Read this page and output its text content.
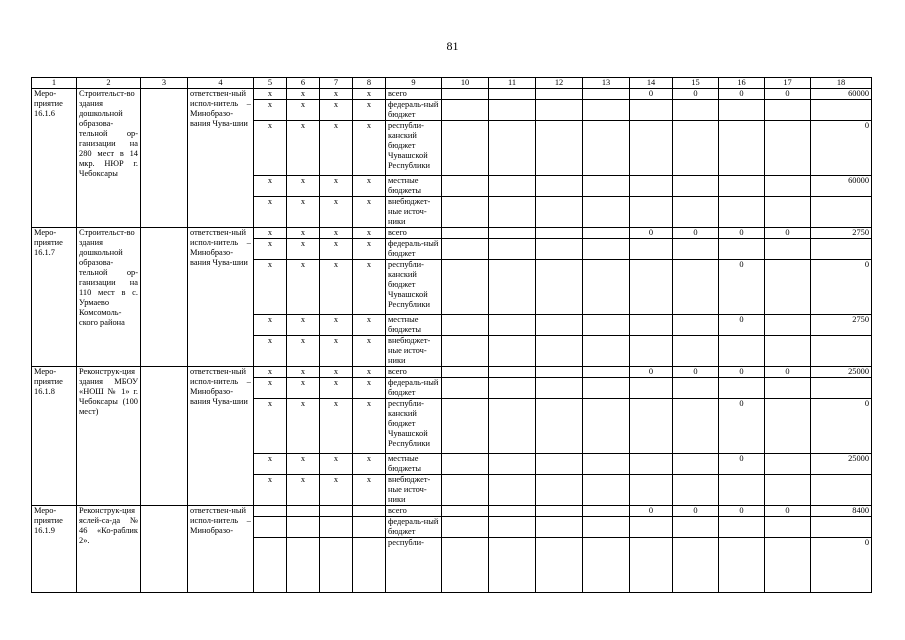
81
1	2	3	4	5	6	7	8	9	10	11	12	13	14	15	16	17	18
Меро-приятие 16.1.6	Строительст-во здания дошкольной образова-тельной ор-ганизации на 280 мест в 14 мкр. НЮР г. Чебоксары		ответствен-ный испол-нитель – Минобразо-вания Чува-шии	x	x	x	x	всего					0	0	0	0	60000
				x	x	x	x	федераль-ный бюджет									
				x	x	x	x	республи-канский бюджет Чувашской Республики									0
				x	x	x	x	местные бюджеты									60000
				x	x	x	x	внебюджет-ные источ-ники									
Меро-приятие 16.1.7	Строительст-во здания дошкольной образова-тельной ор-ганизации на 110 мест в с. Урмаево Комсомоль-ского района		ответствен-ный испол-нитель – Минобразо-вания Чува-шии	x	x	x	x	всего					0	0	0	0	2750
				x	x	x	x	федераль-ный бюджет									
				x	x	x	x	республи-канский бюджет Чувашской Республики							0		0
				x	x	x	x	местные бюджеты							0		2750
				x	x	x	x	внебюджет-ные источ-ники									
Меро-приятие 16.1.8	Реконструк-ция здания МБОУ «НОШ № 1» г. Чебоксары (100 мест)		ответствен-ный испол-нитель – Минобразо-вания Чува-шии	x	x	x	x	всего					0	0	0	0	25000
				x	x	x	x	федераль-ный бюджет									
				x	x	x	x	республи-канский бюджет Чувашской Республики							0		0
				x	x	x	x	местные бюджеты							0		25000
				x	x	x	x	внебюджет-ные источ-ники									
Меро-приятие 16.1.9	Реконструк-ция яслей-са-да № 46 «Ко-раблик 2».		ответствен-ный испол-нитель – Минобразо-					всего					0	0	0	0	8400
								федераль-ный бюджет									
								республи-									0
